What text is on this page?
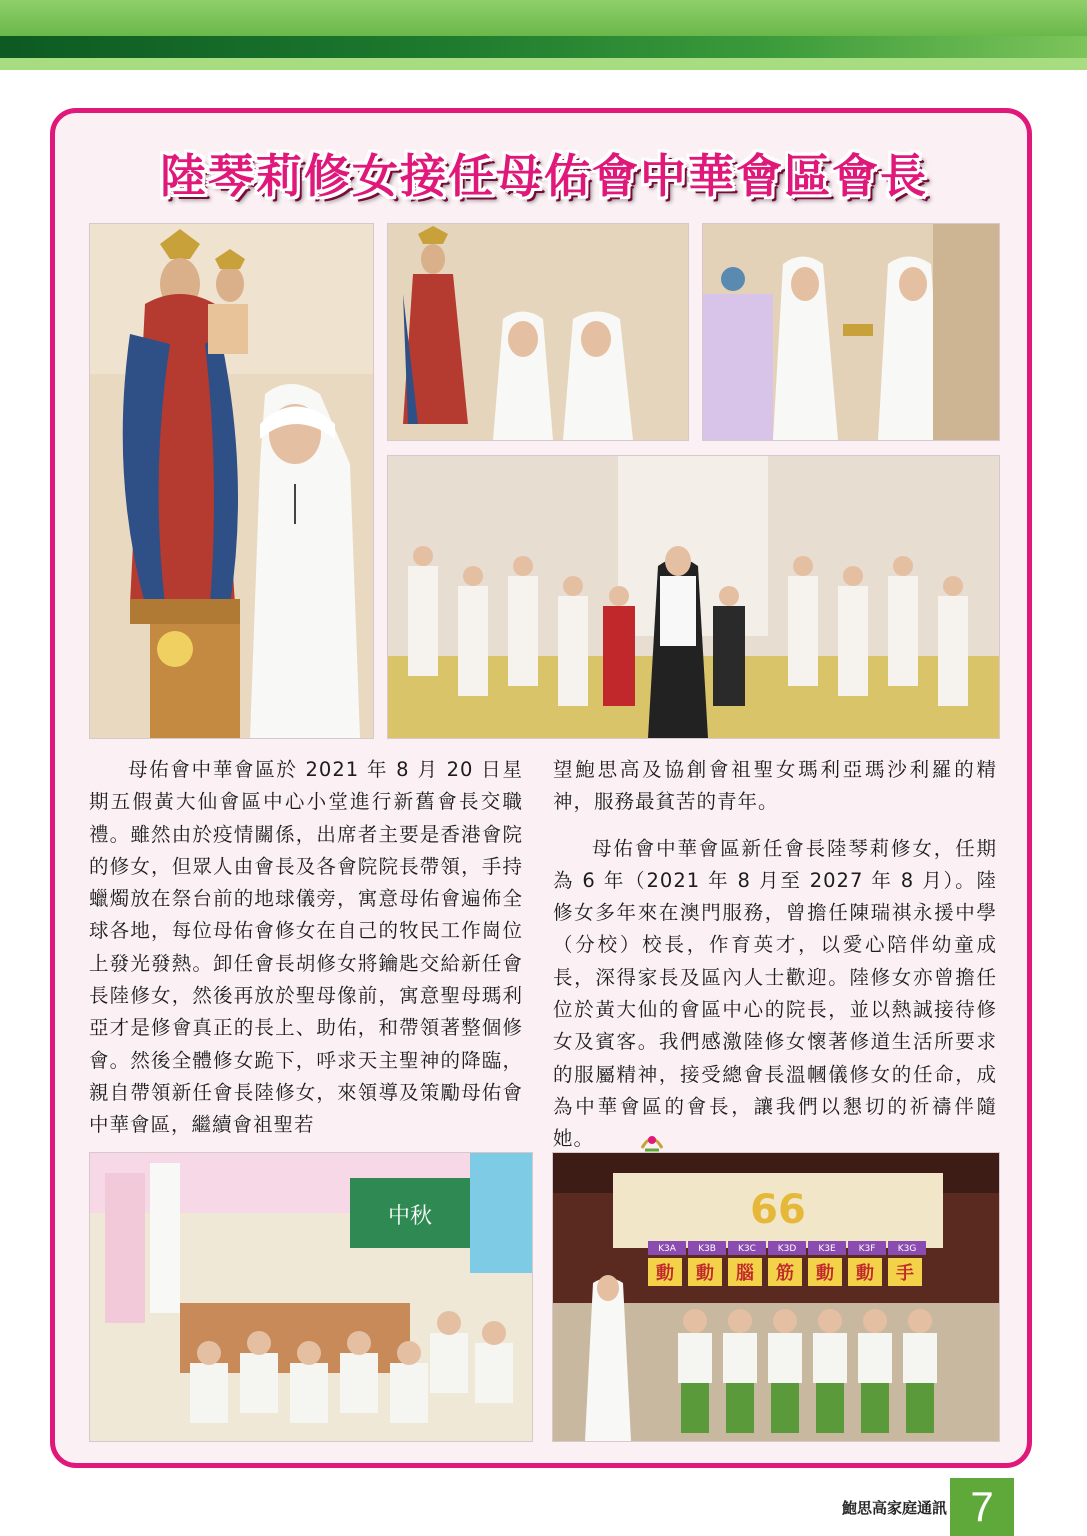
陸琴莉修女接任母佑會中華會區會長

母佑會中華會區於 2021 年 8 月 20 日星期五假黃大仙會區中心小堂進行新舊會長交職禮。雖然由於疫情關係，出席者主要是香港會院的修女，但眾人由會長及各會院院長帶領，手持蠟燭放在祭台前的地球儀旁，寓意母佑會遍佈全球各地，每位母佑會修女在自己的牧民工作崗位上發光發熱。卸任會長胡修女將鑰匙交給新任會長陸修女，然後再放於聖母像前，寓意聖母瑪利亞才是修會真正的長上、助佑，和帶領著整個修會。然後全體修女跪下，呼求天主聖神的降臨，親自帶領新任會長陸修女，來領導及策勵母佑會中華會區，繼續會祖聖若

望鮑思高及協創會祖聖女瑪利亞瑪沙利羅的精神，服務最貧苦的青年。

母佑會中華會區新任會長陸琴莉修女，任期為 6 年（2021 年 8 月至 2027 年 8 月）。陸修女多年來在澳門服務，曾擔任陳瑞祺永援中學（分校）校長，作育英才，以愛心陪伴幼童成長，深得家長及區內人士歡迎。陸修女亦曾擔任位於黃大仙的會區中心的院長，並以熱誠接待修女及賓客。我們感激陸修女懷著修道生活所要求的服屬精神，接受總會長溫幗儀修女的任命，成為中華會區的會長，讓我們以懇切的祈禱伴隨她。

中秋	66
K3A K3B K3C K3D K3E	K3F K3G
動 動 腦 筋 動 動 手
鮑思高家庭通訊 7
